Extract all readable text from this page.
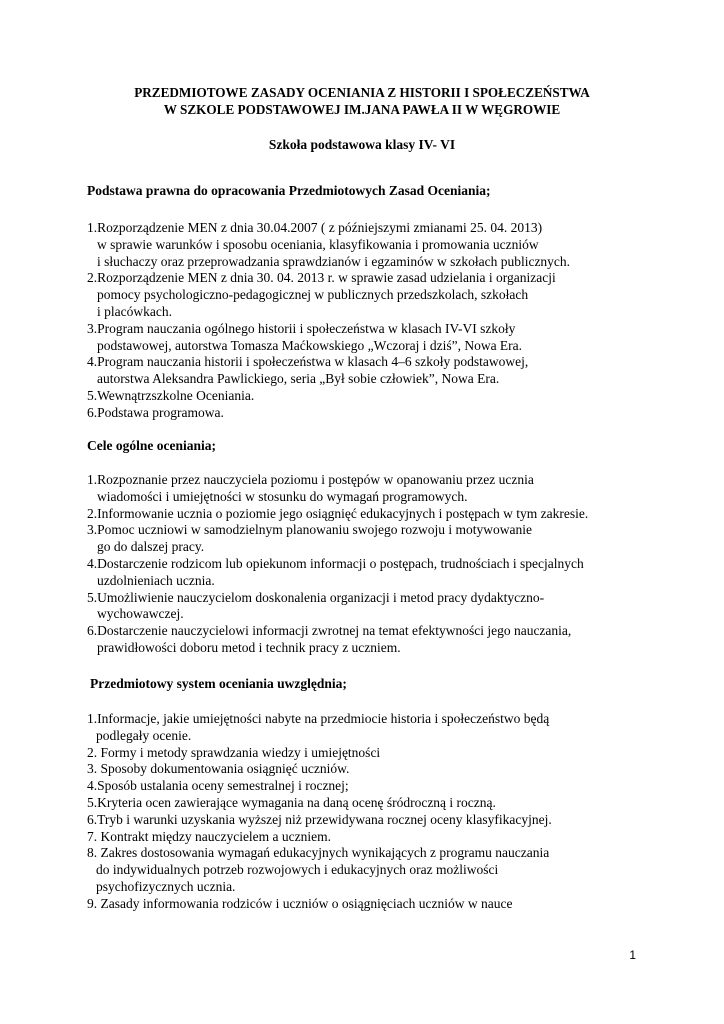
PRZEDMIOTOWE ZASADY OCENIANIA Z HISTORII I SPOŁECZEŃSTWA
W SZKOLE PODSTAWOWEJ IM.JANA PAWŁA II W WĘGROWIE
Szkoła podstawowa klasy IV- VI
Podstawa prawna do opracowania Przedmiotowych Zasad Oceniania;
1.Rozporządzenie MEN z dnia 30.04.2007 ( z późniejszymi zmianami 25. 04. 2013)
w sprawie warunków i sposobu oceniania, klasyfikowania i promowania uczniów
i słuchaczy oraz przeprowadzania sprawdzianów i egzaminów w szkołach publicznych.
2.Rozporządzenie MEN z dnia 30. 04. 2013 r. w sprawie zasad udzielania i organizacji
pomocy psychologiczno-pedagogicznej w publicznych przedszkolach, szkołach
i placówkach.
3.Program nauczania ogólnego historii i społeczeństwa w klasach IV-VI szkoły
podstawowej, autorstwa Tomasza Maćkowskiego „Wczoraj i dziś”, Nowa Era.
4.Program nauczania historii i społeczeństwa w klasach 4–6 szkoły podstawowej,
autorstwa Aleksandra Pawlickiego, seria „Był sobie człowiek”, Nowa Era.
5.Wewnątrzszkolne Oceniania.
6.Podstawa programowa.
Cele ogólne oceniania;
1.Rozpoznanie przez nauczyciela poziomu i postępów w opanowaniu przez ucznia
wiadomości i umiejętności w stosunku do wymagań programowych.
2.Informowanie ucznia o poziomie jego osiągnięć edukacyjnych i postępach w tym zakresie.
3.Pomoc uczniowi w samodzielnym planowaniu swojego rozwoju i motywowanie
go do dalszej pracy.
4.Dostarczenie rodzicom lub opiekunom informacji o postępach, trudnościach i specjalnych
uzdolnieniach ucznia.
5.Umożliwienie nauczycielom doskonalenia organizacji i metod pracy dydaktyczno-
wychowawczej.
6.Dostarczenie nauczycielowi informacji zwrotnej na temat efektywności jego nauczania,
prawidłowości doboru metod i technik pracy z uczniem.
Przedmiotowy system oceniania uwzględnia;
1.Informacje, jakie umiejętności nabyte na przedmiocie historia i społeczeństwo będą
podlegały ocenie.
2. Formy i metody sprawdzania wiedzy i umiejętności
3. Sposoby dokumentowania osiągnięć uczniów.
4.Sposób ustalania oceny semestralnej i rocznej;
5.Kryteria ocen zawierające wymagania na daną ocenę śródroczną i roczną.
6.Tryb i warunki uzyskania wyższej niż przewidywana rocznej oceny klasyfikacyjnej.
7. Kontrakt między nauczycielem a uczniem.
8. Zakres dostosowania wymagań edukacyjnych wynikających z programu nauczania
do indywidualnych potrzeb rozwojowych i edukacyjnych oraz możliwości
psychofizycznych ucznia.
9. Zasady informowania rodziców i uczniów o osiągnięciach uczniów w nauce
1
